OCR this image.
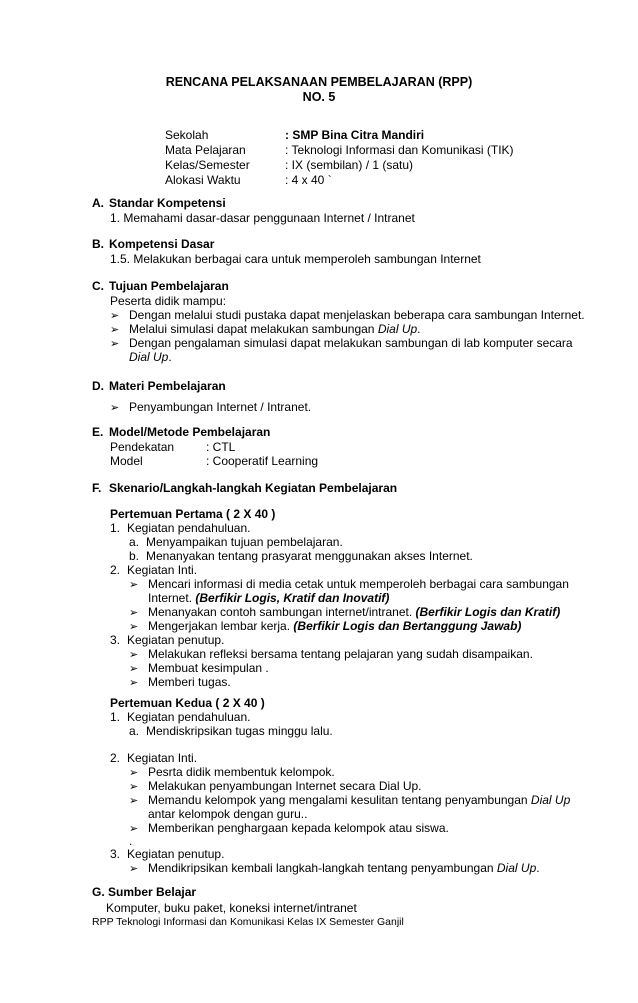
RENCANA PELAKSANAAN PEMBELAJARAN (RPP)
NO. 5
Sekolah	: SMP Bina Citra Mandiri
Mata Pelajaran	: Teknologi Informasi dan Komunikasi (TIK)
Kelas/Semester	: IX (sembilan) / 1 (satu)
Alokasi Waktu	: 4 x 40 `
A. Standar Kompetensi
1. Memahami dasar-dasar penggunaan Internet / Intranet
B. Kompetensi Dasar
1.5. Melakukan berbagai cara untuk memperoleh sambungan Internet
C. Tujuan Pembelajaran
Peserta didik mampu:
➢ Dengan melalui studi pustaka dapat menjelaskan beberapa cara sambungan Internet.
➢ Melalui simulasi dapat melakukan sambungan Dial Up.
➢ Dengan pengalaman simulasi dapat melakukan sambungan di lab komputer secara
Dial Up.
D. Materi Pembelajaran
➢ Penyambungan Internet / Intranet.
E. Model/Metode Pembelajaran
Pendekatan	: CTL
Model	: Cooperatif Learning
F. Skenario/Langkah-langkah Kegiatan Pembelajaran
Pertemuan Pertama ( 2 X 40 )
1. Kegiatan pendahuluan.
a. Menyampaikan tujuan pembelajaran.
b. Menanyakan tentang prasyarat menggunakan akses Internet.
2. Kegiatan Inti.
➢ Mencari informasi di media cetak untuk memperoleh berbagai cara sambungan
Internet. (Berfikir Logis, Kratif dan Inovatif)
➢ Menanyakan contoh sambungan internet/intranet. (Berfikir Logis dan Kratif)
➢ Mengerjakan lembar kerja. (Berfikir Logis dan Bertanggung Jawab)
3. Kegiatan penutup.
➢ Melakukan refleksi bersama tentang pelajaran yang sudah disampaikan.
➢ Membuat kesimpulan .
➢ Memberi tugas.
Pertemuan Kedua ( 2 X 40 )
1. Kegiatan pendahuluan.
a. Mendiskripsikan tugas minggu lalu.
2. Kegiatan Inti.
➢ Pesrta didik membentuk kelompok.
➢ Melakukan penyambungan Internet secara Dial Up.
➢ Memandu kelompok yang mengalami kesulitan tentang penyambungan Dial Up
antar kelompok dengan guru..
➢ Memberikan penghargaan kepada kelompok atau siswa.
.
3. Kegiatan penutup.
➢ Mendikripsikan kembali langkah-langkah tentang penyambungan Dial Up.
G. Sumber Belajar
Komputer, buku paket, koneksi internet/intranet
RPP Teknologi Informasi dan Komunikasi Kelas IX Semester Ganjil
